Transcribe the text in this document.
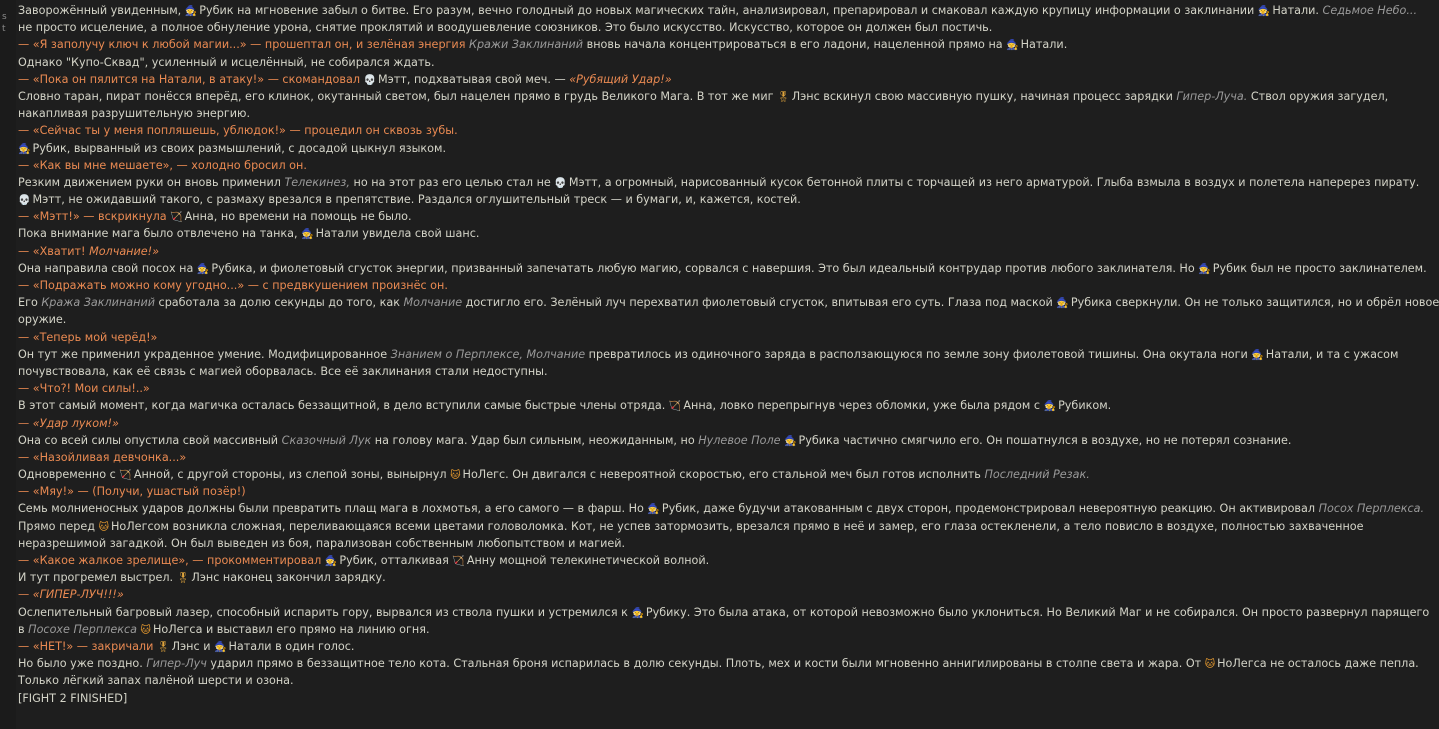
s
t
Заворожённый увиденным, 🧙 Рубик на мгновение забыл о битве. Его разум, вечно голодный до новых магических тайн, анализировал, препарировал и смаковал каждую крупицу информации о заклинании 🧙 Натали. Седьмое Небо...
не просто исцеление, а полное обнуление урона, снятие проклятий и воодушевление союзников. Это было искусство. Искусство, которое он должен был постичь.
— «Я заполучу ключ к любой магии...» — прошептал он, и зелёная энергия Кражи Заклинаний вновь начала концентрироваться в его ладони, нацеленной прямо на 🧙 Натали.
Однако "Купо-Сквад", усиленный и исцелённый, не собирался ждать.
— «Пока он пялится на Натали, в атаку!» — скомандовал 💀 Мэтт, подхватывая свой меч. — «Рубящий Удар!»
Словно таран, пират понёсся вперёд, его клинок, окутанный светом, был нацелен прямо в грудь Великого Мага. В тот же миг 🎖 Лэнс вскинул свою массивную пушку, начиная процесс зарядки Гипер-Луча. Ствол оружия загудел,
накапливая разрушительную энергию.
— «Сейчас ты у меня попляшешь, ублюдок!» — процедил он сквозь зубы.
🧙 Рубик, вырванный из своих размышлений, с досадой цыкнул языком.
— «Как вы мне мешаете», — холодно бросил он.
Резким движением руки он вновь применил Телекинез, но на этот раз его целью стал не 💀 Мэтт, а огромный, нарисованный кусок бетонной плиты с торчащей из него арматурой. Глыба взмыла в воздух и полетела наперерез пирату.
💀 Мэтт, не ожидавший такого, с размаху врезался в препятствие. Раздался оглушительный треск — и бумаги, и, кажется, костей.
— «Мэтт!» — вскрикнула 🏹 Анна, но времени на помощь не было.
Пока внимание мага было отвлечено на танка, 🧙 Натали увидела свой шанс.
— «Хватит! Молчание!»
Она направила свой посох на 🧙 Рубика, и фиолетовый сгусток энергии, призванный запечатать любую магию, сорвался с навершия. Это был идеальный контрудар против любого заклинателя. Но 🧙 Рубик был не просто заклинателем.
— «Подражать можно кому угодно...» — с предвкушением произнёс он.
Его Кража Заклинаний сработала за долю секунды до того, как Молчание достигло его. Зелёный луч перехватил фиолетовый сгусток, впитывая его суть. Глаза под маской 🧙 Рубика сверкнули. Он не только защитился, но и обрёл новое
оружие.
— «Теперь мой черёд!»
Он тут же применил украденное умение. Модифицированное Знанием о Перплексе, Молчание превратилось из одиночного заряда в расползающуюся по земле зону фиолетовой тишины. Она окутала ноги 🧙 Натали, и та с ужасом
почувствовала, как её связь с магией оборвалась. Все её заклинания стали недоступны.
— «Что?! Мои силы!..»
В этот самый момент, когда магичка осталась беззащитной, в дело вступили самые быстрые члены отряда. 🏹 Анна, ловко перепрыгнув через обломки, уже была рядом с 🧙 Рубиком.
— «Удар луком!»
Она со всей силы опустила свой массивный Сказочный Лук на голову мага. Удар был сильным, неожиданным, но Нулевое Поле 🧙 Рубика частично смягчило его. Он пошатнулся в воздухе, но не потерял сознание.
— «Назойливая девчонка...»
Одновременно с 🏹 Анной, с другой стороны, из слепой зоны, вынырнул 🐱 НоЛегс. Он двигался с невероятной скоростью, его стальной меч был готов исполнить Последний Резак.
— «Мяу!» — (Получи, ушастый позёр!)
Семь молниеносных ударов должны были превратить плащ мага в лохмотья, а его самого — в фарш. Но 🧙 Рубик, даже будучи атакованным с двух сторон, продемонстрировал невероятную реакцию. Он активировал Посох Перплекса.
Прямо перед 🐱 НоЛегсом возникла сложная, переливающаяся всеми цветами головоломка. Кот, не успев затормозить, врезался прямо в неё и замер, его глаза остекленели, а тело повисло в воздухе, полностью захваченное
неразрешимой загадкой. Он был выведен из боя, парализован собственным любопытством и магией.
— «Какое жалкое зрелище», — прокомментировал 🧙 Рубик, отталкивая 🏹 Анну мощной телекинетической волной.
И тут прогремел выстрел. 🎖 Лэнс наконец закончил зарядку.
— «ГИПЕР-ЛУЧ!!!»
Ослепительный багровый лазер, способный испарить гору, вырвался из ствола пушки и устремился к 🧙 Рубику. Это была атака, от которой невозможно было уклониться. Но Великий Маг и не собирался. Он просто развернул парящего
в Посохе Перплекса 🐱 НоЛегса и выставил его прямо на линию огня.
— «НЕТ!» — закричали 🎖 Лэнс и 🧙 Натали в один голос.
Но было уже поздно. Гипер-Луч ударил прямо в беззащитное тело кота. Стальная броня испарилась в долю секунды. Плоть, мех и кости были мгновенно аннигилированы в столпе света и жара. От 🐱 НоЛегса не осталось даже пепла.
Только лёгкий запах палёной шерсти и озона.
[FIGHT 2 FINISHED]
